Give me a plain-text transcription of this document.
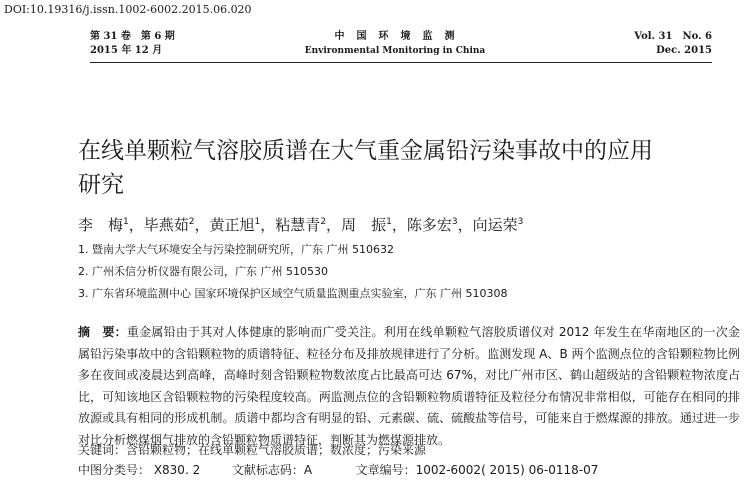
DOI:10.19316/j.issn.1002-6002.2015.06.020
第 31 卷　第 6 期
2015 年 12 月
中　国　环　境　监　测
Environmental Monitoring in China
Vol. 31　No. 6
Dec. 2015
在线单颗粒气溶胶质谱在大气重金属铅污染事故中的应用
研究
李　梅$^1$，毕燕茹$^2$，黄正旭$^1$，粘慧青$^2$，周　振$^1$，陈多宏$^3$，向运荣$^3$
1. 暨南大学大气环境安全与污染控制研究所，广东 广州 510632
2. 广州禾信分析仪器有限公司，广东 广州 510530
3. 广东省环境监测中心 国家环境保护区域空气质量监测重点实验室，广东 广州 510308
摘　要：重金属铅由于其对人体健康的影响而广受关注。利用在线单颗粒气溶胶质谱仪对 2012 年发生在华南地区的一次金属铅污染事故中的含铅颗粒物的质谱特征、粒径分布及排放规律进行了分析。监测发现 A、B 两个监测点位的含铅颗粒物比例多在夜间或凌晨达到高峰，高峰时刻含铅颗粒物数浓度占比最高可达 67%，对比广州市区、鹤山超级站的含铅颗粒物浓度占比，可知该地区含铅颗粒物的污染程度较高。两监测点位的含铅颗粒物质谱特征及粒径分布情况非常相似，可能存在相同的排放源或具有相同的形成机制。质谱中都均含有明显的铅、元素碳、硫、硫酸盐等信号，可能来自于燃煤源的排放。通过进一步对比分析燃煤烟气排放的含铅颗粒物质谱特征，判断其为燃煤源排放。
关键词：含铅颗粒物；在线单颗粒气溶胶质谱；数浓度；污染来源
中图分类号： X830. 2	文献标志码：A	文章编号：1002-6002( 2015) 06-0118-07
